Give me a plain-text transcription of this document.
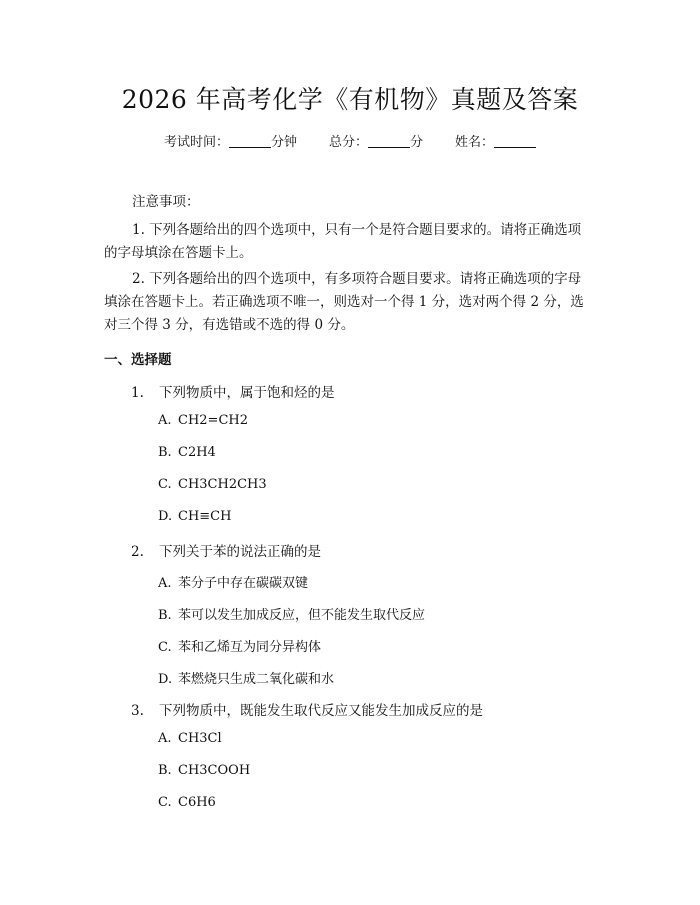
2026 年高考化学《有机物》真题及答案
考试时间：	分钟 总分：	分 姓名：
注意事项：
1. 下列各题给出的四个选项中，只有一个是符合题目要求的。请将正确选项的字母填涂在答题卡上。
2. 下列各题给出的四个选项中，有多项符合题目要求。请将正确选项的字母填涂在答题卡上。若正确选项不唯一，则选对一个得 1 分，选对两个得 2 分，选对三个得 3 分，有选错或不选的得 0 分。
一、选择题
1. 下列物质中，属于饱和烃的是
A. CH2=CH2
B. C2H4
C. CH3CH2CH3
D. CH≡CH
2. 下列关于苯的说法正确的是
A. 苯分子中存在碳碳双键
B. 苯可以发生加成反应，但不能发生取代反应
C. 苯和乙烯互为同分异构体
D. 苯燃烧只生成二氧化碳和水
3. 下列物质中，既能发生取代反应又能发生加成反应的是
A. CH3Cl
B. CH3COOH
C. C6H6
